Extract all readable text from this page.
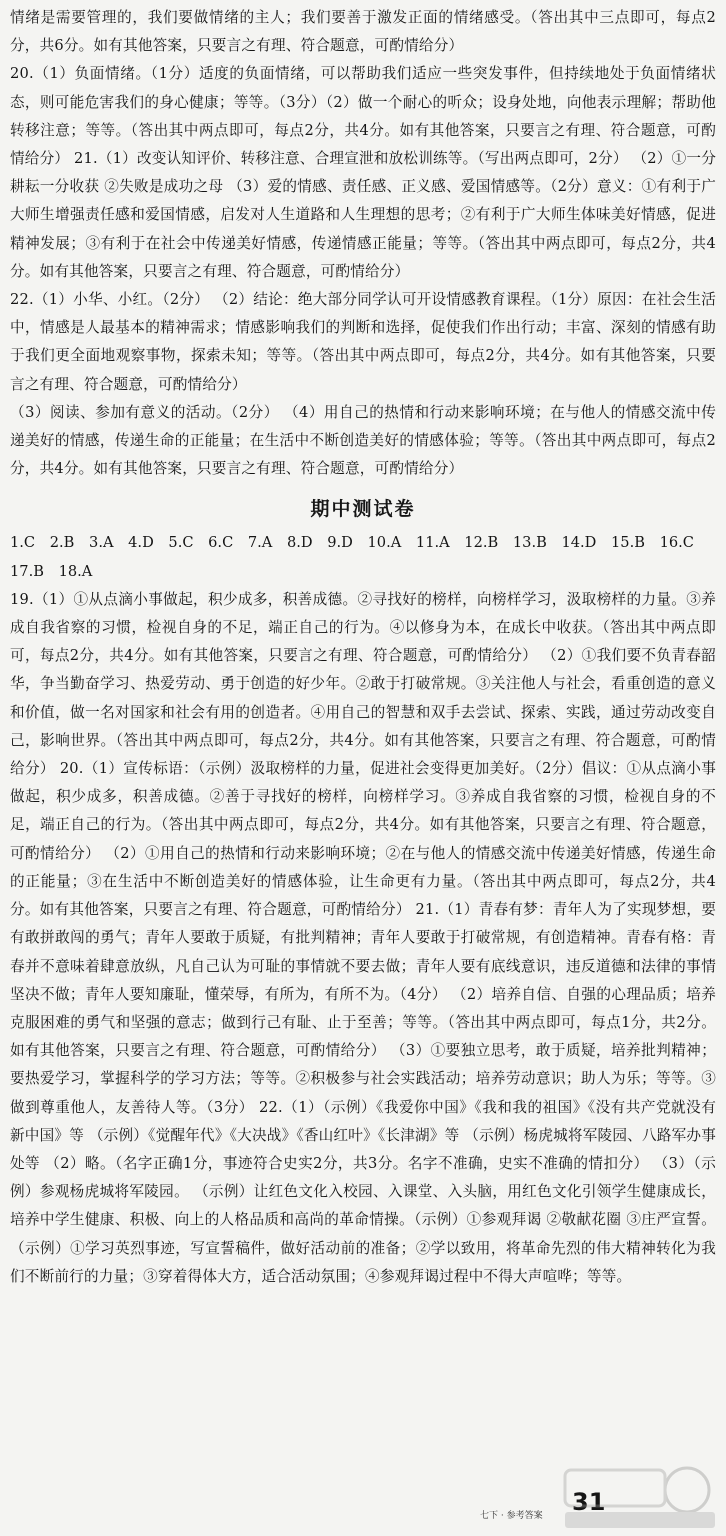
情绪是需要管理的，我们要做情绪的主人；我们要善于激发正面的情绪感受。（答出其中三点即可，每点2分，共6分。如有其他答案，只要言之有理、符合题意，可酌情给分）

20.（1）负面情绪。（1分）适度的负面情绪，可以帮助我们适应一些突发事件，但持续地处于负面情绪状态，则可能危害我们的身心健康；等等。（3分）（2）做一个耐心的听众；设身处地，向他表示理解；帮助他转移注意；等等。（答出其中两点即可，每点2分，共4分。如有其他答案，只要言之有理、符合题意，可酌情给分） 21.（1）改变认知评价、转移注意、合理宣泄和放松训练等。（写出两点即可，2分） （2）①一分耕耘一分收获 ②失败是成功之母 （3）爱的情感、责任感、正义感、爱国情感等。（2分）意义：①有利于广大师生增强责任感和爱国情感，启发对人生道路和人生理想的思考；②有利于广大师生体味美好情感，促进精神发展；③有利于在社会中传递美好情感，传递情感正能量；等等。（答出其中两点即可，每点2分，共4分。如有其他答案，只要言之有理、符合题意，可酌情给分）

22.（1）小华、小红。（2分） （2）结论：绝大部分同学认可开设情感教育课程。（1分）原因：在社会生活中，情感是人最基本的精神需求；情感影响我们的判断和选择，促使我们作出行动；丰富、深刻的情感有助于我们更全面地观察事物，探索未知；等等。（答出其中两点即可，每点2分，共4分。如有其他答案，只要言之有理、符合题意，可酌情给分）

（3）阅读、参加有意义的活动。（2分） （4）用自己的热情和行动来影响环境；在与他人的情感交流中传递美好的情感，传递生命的正能量；在生活中不断创造美好的情感体验；等等。（答出其中两点即可，每点2分，共4分。如有其他答案，只要言之有理、符合题意，可酌情给分）

期中测试卷

1.C 2.B 3.A 4.D 5.C 6.C 7.A 8.D 9.D 10.A 11.A 12.B 13.B 14.D 15.B 16.C 17.B 18.A

19.（1）①从点滴小事做起，积少成多，积善成德。②寻找好的榜样，向榜样学习，汲取榜样的力量。③养成自我省察的习惯，检视自身的不足，端正自己的行为。④以修身为本，在成长中收获。（答出其中两点即可，每点2分，共4分。如有其他答案，只要言之有理、符合题意，可酌情给分） （2）①我们要不负青春韶华，争当勤奋学习、热爱劳动、勇于创造的好少年。②敢于打破常规。③关注他人与社会，看重创造的意义和价值，做一名对国家和社会有用的创造者。④用自己的智慧和双手去尝试、探索、实践，通过劳动改变自己，影响世界。（答出其中两点即可，每点2分，共4分。如有其他答案，只要言之有理、符合题意，可酌情给分） 20.（1）宣传标语：（示例）汲取榜样的力量，促进社会变得更加美好。（2分）倡议：①从点滴小事做起，积少成多，积善成德。②善于寻找好的榜样，向榜样学习。③养成自我省察的习惯，检视自身的不足，端正自己的行为。（答出其中两点即可，每点2分，共4分。如有其他答案，只要言之有理、符合题意，可酌情给分） （2）①用自己的热情和行动来影响环境；②在与他人的情感交流中传递美好情感，传递生命的正能量；③在生活中不断创造美好的情感体验，让生命更有力量。（答出其中两点即可，每点2分，共4分。如有其他答案，只要言之有理、符合题意，可酌情给分） 21.（1）青春有梦：青年人为了实现梦想，要有敢拼敢闯的勇气；青年人要敢于质疑，有批判精神；青年人要敢于打破常规，有创造精神。青春有格：青春并不意味着肆意放纵，凡自己认为可耻的事情就不要去做；青年人要有底线意识，违反道德和法律的事情坚决不做；青年人要知廉耻，懂荣辱，有所为，有所不为。（4分） （2）培养自信、自强的心理品质；培养克服困难的勇气和坚强的意志；做到行己有耻、止于至善；等等。（答出其中两点即可，每点1分，共2分。如有其他答案，只要言之有理、符合题意，可酌情给分） （3）①要独立思考，敢于质疑，培养批判精神；要热爱学习，掌握科学的学习方法；等等。②积极参与社会实践活动；培养劳动意识；助人为乐；等等。③做到尊重他人，友善待人等。（3分） 22.（1）（示例）《我爱你中国》《我和我的祖国》《没有共产党就没有新中国》等 （示例）《觉醒年代》《大决战》《香山红叶》《长津湖》等 （示例）杨虎城将军陵园、八路军办事处等 （2）略。（名字正确1分，事迹符合史实2分，共3分。名字不准确，史实不准确的情扣分） （3）（示例）参观杨虎城将军陵园。 （示例）让红色文化入校园、入课堂、入头脑，用红色文化引领学生健康成长，培养中学生健康、积极、向上的人格品质和高尚的革命情操。（示例）①参观拜谒 ②敬献花圈 ③庄严宣誓。 （示例）①学习英烈事迹，写宣誓稿件，做好活动前的准备；②学以致用，将革命先烈的伟大精神转化为我们不断前行的力量；③穿着得体大方，适合活动氛围；④参观拜谒过程中不得大声喧哗；等等。

31
七下 · 参考答案
